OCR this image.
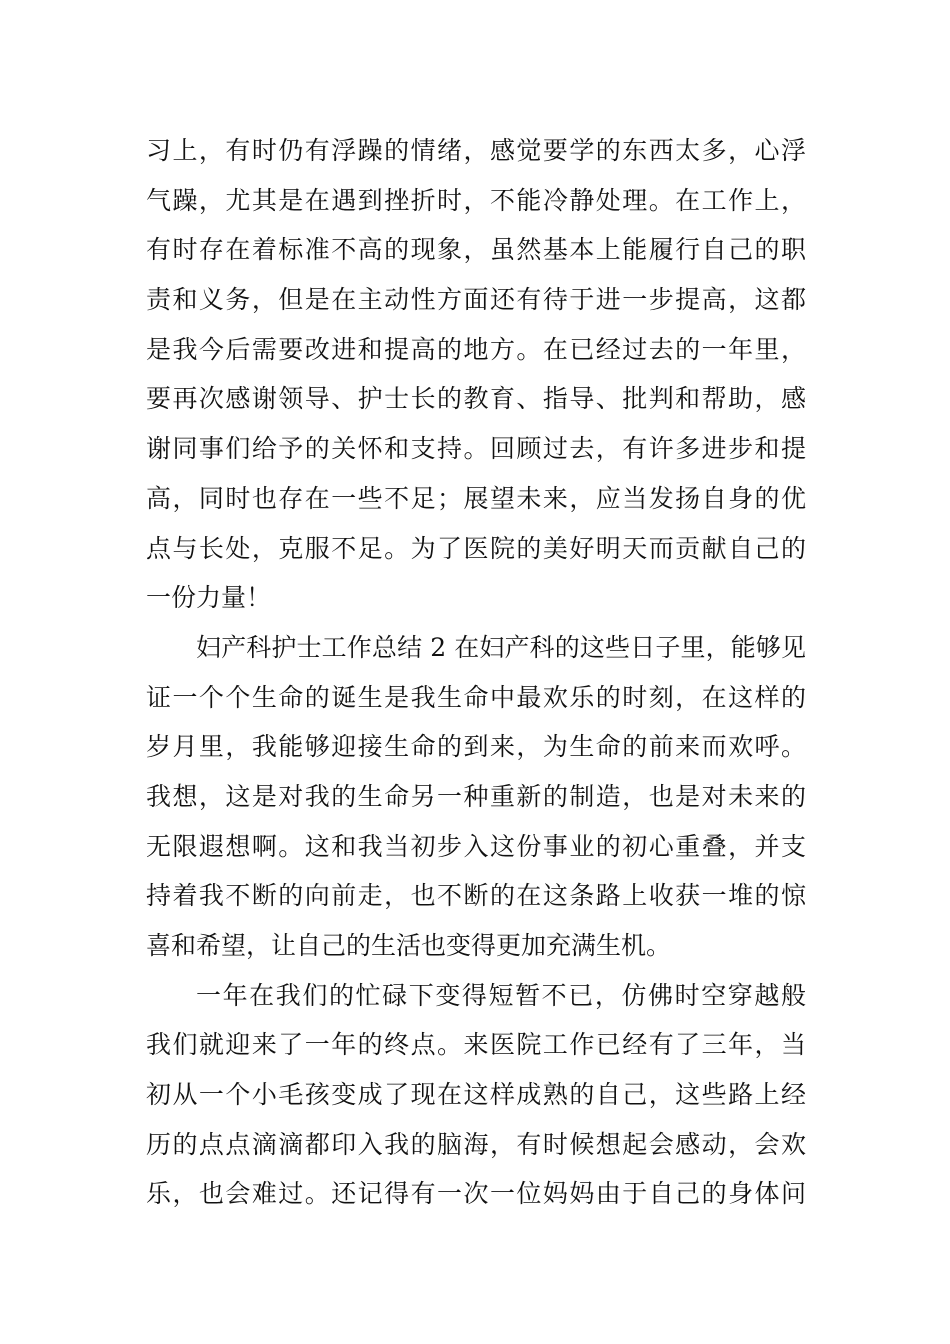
习上，有时仍有浮躁的情绪，感觉要学的东西太多，心浮
气躁，尤其是在遇到挫折时，不能冷静处理。在工作上，
有时存在着标准不高的现象，虽然基本上能履行自己的职
责和义务，但是在主动性方面还有待于进一步提高，这都
是我今后需要改进和提高的地方。在已经过去的一年里，
要再次感谢领导、护士长的教育、指导、批判和帮助，感
谢同事们给予的关怀和支持。回顾过去，有许多进步和提
高，同时也存在一些不足；展望未来，应当发扬自身的优
点与长处，克服不足。为了医院的美好明天而贡献自己的
一份力量！
妇产科护士工作总结 2 在妇产科的这些日子里，能够见
证一个个生命的诞生是我生命中最欢乐的时刻，在这样的
岁月里，我能够迎接生命的到来，为生命的前来而欢呼。
我想，这是对我的生命另一种重新的制造，也是对未来的
无限遐想啊。这和我当初步入这份事业的初心重叠，并支
持着我不断的向前走，也不断的在这条路上收获一堆的惊
喜和希望，让自己的生活也变得更加充满生机。
一年在我们的忙碌下变得短暂不已，仿佛时空穿越般
我们就迎来了一年的终点。来医院工作已经有了三年，当
初从一个小毛孩变成了现在这样成熟的自己，这些路上经
历的点点滴滴都印入我的脑海，有时候想起会感动，会欢
乐，也会难过。还记得有一次一位妈妈由于自己的身体问
